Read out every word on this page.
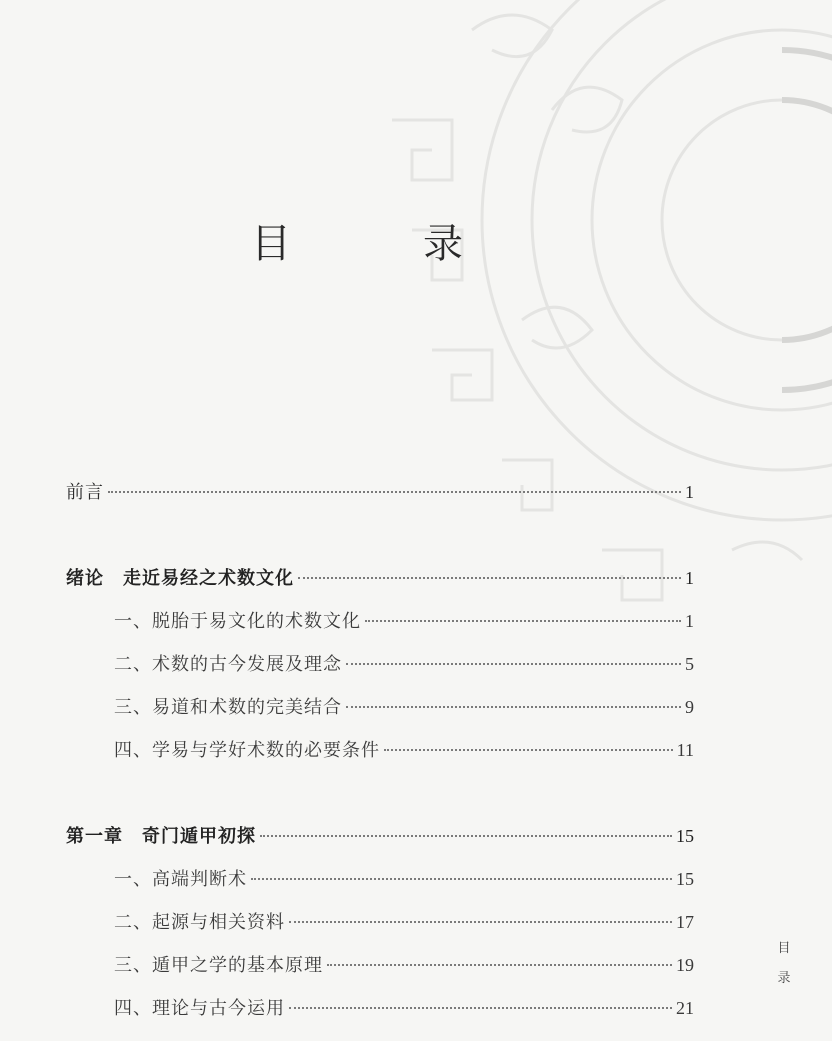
目　录
前言	1
绪论　走近易经之术数文化	1
一、脱胎于易文化的术数文化	1
二、术数的古今发展及理念	5
三、易道和术数的完美结合	9
四、学易与学好术数的必要条件	11
第一章　奇门遁甲初探	15
一、高端判断术	15
二、起源与相关资料	17
三、遁甲之学的基本原理	19
四、理论与古今运用	21
目
录
